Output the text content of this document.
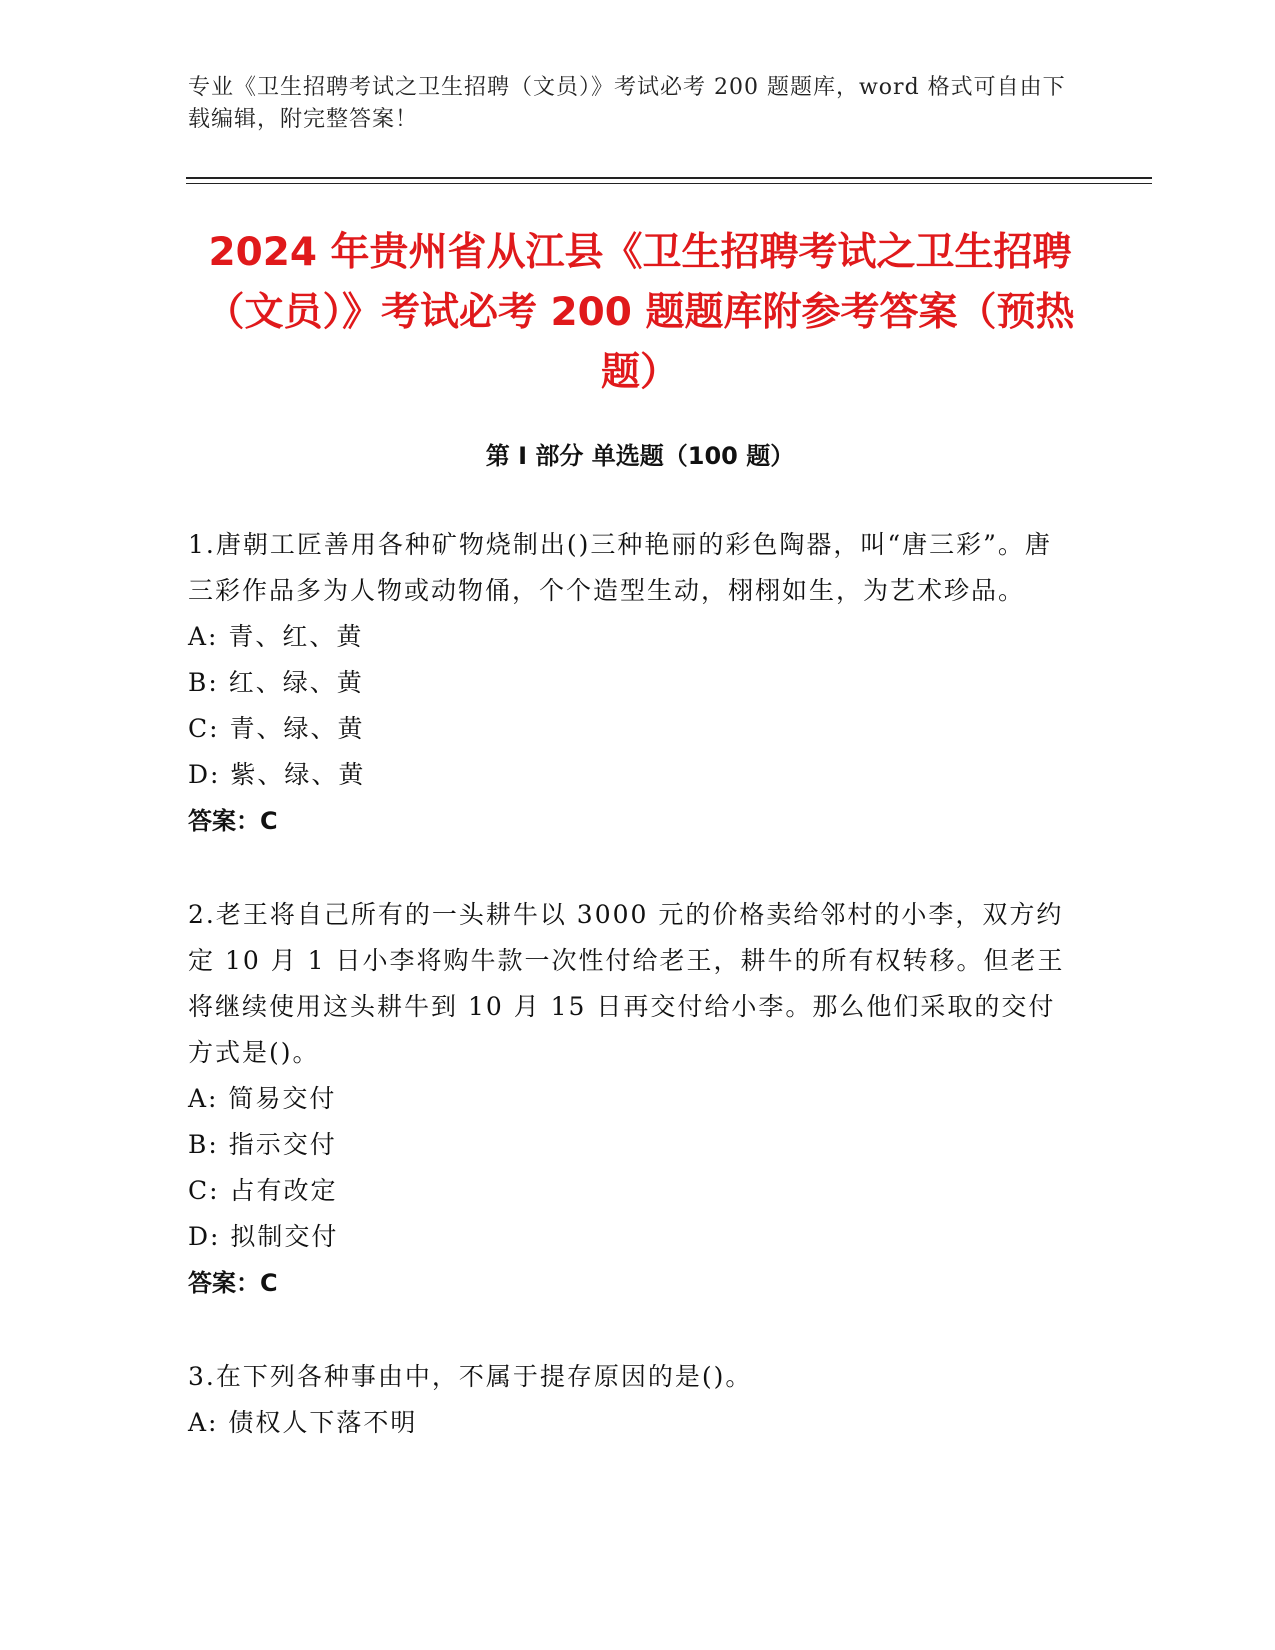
专业《卫生招聘考试之卫生招聘（文员）》考试必考 200 题题库，word 格式可自由下载编辑，附完整答案！
2024 年贵州省从江县《卫生招聘考试之卫生招聘（文员）》考试必考 200 题题库附参考答案（预热题）
第 I 部分 单选题（100 题）
1.唐朝工匠善用各种矿物烧制出()三种艳丽的彩色陶器，叫“唐三彩”。唐三彩作品多为人物或动物俑，个个造型生动，栩栩如生，为艺术珍品。
A: 青、红、黄
B: 红、绿、黄
C: 青、绿、黄
D: 紫、绿、黄
答案：C
2.老王将自己所有的一头耕牛以 3000 元的价格卖给邻村的小李，双方约定 10 月 1 日小李将购牛款一次性付给老王，耕牛的所有权转移。但老王将继续使用这头耕牛到 10 月 15 日再交付给小李。那么他们采取的交付方式是()。
A: 简易交付
B: 指示交付
C: 占有改定
D: 拟制交付
答案：C
3.在下列各种事由中，不属于提存原因的是()。
A: 债权人下落不明
